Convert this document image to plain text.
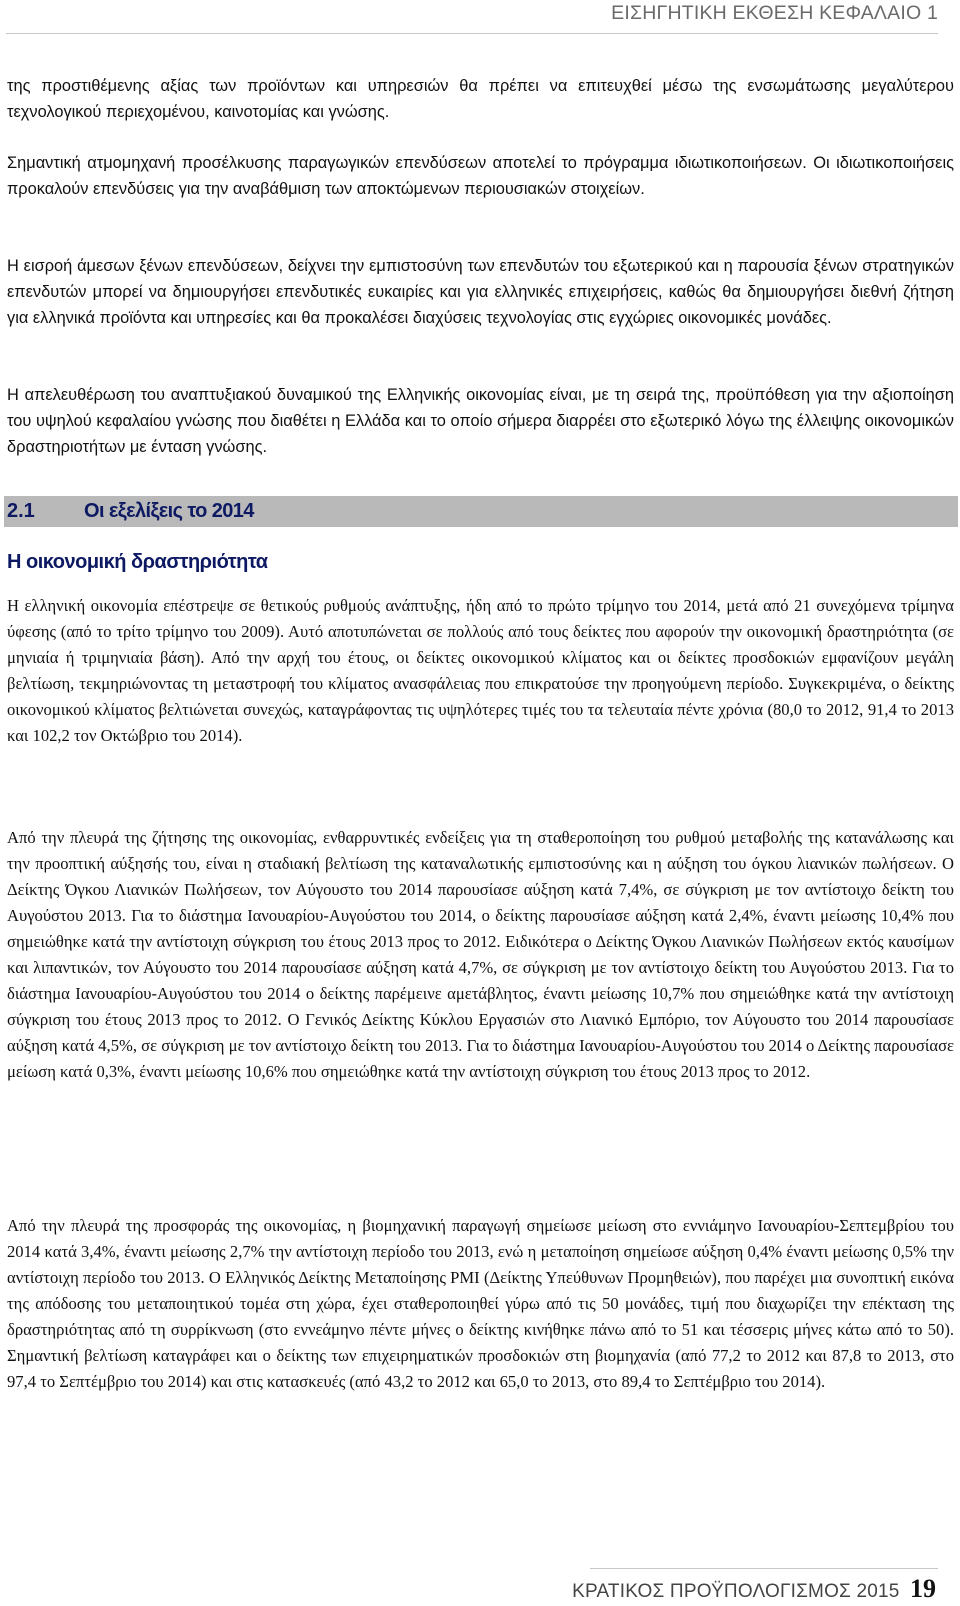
ΕΙΣΗΓΗΤΙΚΗ ΕΚΘΕΣΗ ΚΕΦΑΛΑΙΟ 1

της προστιθέμενης αξίας των προϊόντων και υπηρεσιών θα πρέπει να επιτευχθεί μέσω της ενσωμάτωσης μεγαλύτερου τεχνολογικού περιεχομένου, καινοτομίας και γνώσης.

Σημαντική ατμομηχανή προσέλκυσης παραγωγικών επενδύσεων αποτελεί το πρόγραμμα ιδιωτικοποιήσεων. Οι ιδιωτικοποιήσεις προκαλούν επενδύσεις για την αναβάθμιση των αποκτώμενων περιουσιακών στοιχείων.

Η εισροή άμεσων ξένων επενδύσεων, δείχνει την εμπιστοσύνη των επενδυτών του εξωτερικού και η παρουσία ξένων στρατηγικών επενδυτών μπορεί να δημιουργήσει επενδυτικές ευκαιρίες και για ελληνικές επιχειρήσεις, καθώς θα δημιουργήσει διεθνή ζήτηση για ελληνικά προϊόντα και υπηρεσίες και θα προκαλέσει διαχύσεις τεχνολογίας στις εγχώριες οικονομικές μονάδες.

Η απελευθέρωση του αναπτυξιακού δυναμικού της Ελληνικής οικονομίας είναι, με τη σειρά της, προϋπόθεση για την αξιοποίηση του υψηλού κεφαλαίου γνώσης που διαθέτει η Ελλάδα και το οποίο σήμερα διαρρέει στο εξωτερικό λόγω της έλλειψης οικονομικών δραστηριοτήτων με ένταση γνώσης.

2.1 Οι εξελίξεις το 2014
Η οικονομική δραστηριότητα

Η ελληνική οικονομία επέστρεψε σε θετικούς ρυθμούς ανάπτυξης, ήδη από το πρώτο τρίμηνο του 2014, μετά από 21 συνεχόμενα τρίμηνα ύφεσης (από το τρίτο τρίμηνο του 2009). Αυτό αποτυπώνεται σε πολλούς από τους δείκτες που αφορούν την οικονομική δραστηριότητα (σε μηνιαία ή τριμηνιαία βάση). Από την αρχή του έτους, οι δείκτες οικονομικού κλίματος και οι δείκτες προσδοκιών εμφανίζουν μεγάλη βελτίωση, τεκμηριώνοντας τη μεταστροφή του κλίματος ανασφάλειας που επικρατούσε την προηγούμενη περίοδο. Συγκεκριμένα, ο δείκτης οικονομικού κλίματος βελτιώνεται συνεχώς, καταγράφοντας τις υψηλότερες τιμές του τα τελευταία πέντε χρόνια (80,0 το 2012, 91,4 το 2013 και 102,2 τον Οκτώβριο του 2014).

Από την πλευρά της ζήτησης της οικονομίας, ενθαρρυντικές ενδείξεις για τη σταθεροποίηση του ρυθμού μεταβολής της κατανάλωσης και την προοπτική αύξησής του, είναι η σταδιακή βελτίωση της καταναλωτικής εμπιστοσύνης και η αύξηση του όγκου λιανικών πωλήσεων. Ο Δείκτης Όγκου Λιανικών Πωλήσεων, τον Αύγουστο του 2014 παρουσίασε αύξηση κατά 7,4%, σε σύγκριση με τον αντίστοιχο δείκτη του Αυγούστου 2013. Για το διάστημα Ιανουαρίου-Αυγούστου του 2014, ο δείκτης παρουσίασε αύξηση κατά 2,4%, έναντι μείωσης 10,4% που σημειώθηκε κατά την αντίστοιχη σύγκριση του έτους 2013 προς το 2012. Ειδικότερα ο Δείκτης Όγκου Λιανικών Πωλήσεων εκτός καυσίμων και λιπαντικών, τον Αύγουστο του 2014 παρουσίασε αύξηση κατά 4,7%, σε σύγκριση με τον αντίστοιχο δείκτη του Αυγούστου 2013. Για το διάστημα Ιανουαρίου-Αυγούστου του 2014 ο δείκτης παρέμεινε αμετάβλητος, έναντι μείωσης 10,7% που σημειώθηκε κατά την αντίστοιχη σύγκριση του έτους 2013 προς το 2012. Ο Γενικός Δείκτης Κύκλου Εργασιών στο Λιανικό Εμπόριο, τον Αύγουστο του 2014 παρουσίασε αύξηση κατά 4,5%, σε σύγκριση με τον αντίστοιχο δείκτη του 2013. Για το διάστημα Ιανουαρίου-Αυγούστου του 2014 ο Δείκτης παρουσίασε μείωση κατά 0,3%, έναντι μείωσης 10,6% που σημειώθηκε κατά την αντίστοιχη σύγκριση του έτους 2013 προς το 2012.

Από την πλευρά της προσφοράς της οικονομίας, η βιομηχανική παραγωγή σημείωσε μείωση στο εννιάμηνο Ιανουαρίου-Σεπτεμβρίου του 2014 κατά 3,4%, έναντι μείωσης 2,7% την αντίστοιχη περίοδο του 2013, ενώ η μεταποίηση σημείωσε αύξηση 0,4% έναντι μείωσης 0,5% την αντίστοιχη περίοδο του 2013. Ο Ελληνικός Δείκτης Μεταποίησης PMI (Δείκτης Υπεύθυνων Προμηθειών), που παρέχει μια συνοπτική εικόνα της απόδοσης του μεταποιητικού τομέα στη χώρα, έχει σταθεροποιηθεί γύρω από τις 50 μονάδες, τιμή που διαχωρίζει την επέκταση της δραστηριότητας από τη συρρίκνωση (στο εννεάμηνο πέντε μήνες ο δείκτης κινήθηκε πάνω από το 51 και τέσσερις μήνες κάτω από το 50). Σημαντική βελτίωση καταγράφει και ο δείκτης των επιχειρηματικών προσδοκιών στη βιομηχανία (από 77,2 το 2012 και 87,8 το 2013, στο 97,4 το Σεπτέμβριο του 2014) και στις κατασκευές (από 43,2 το 2012 και 65,0 το 2013, στο 89,4 το Σεπτέμβριο του 2014).

ΚΡΑΤΙΚΟΣ ΠΡΟΫΠΟΛΟΓΙΣΜΟΣ 2015 19
